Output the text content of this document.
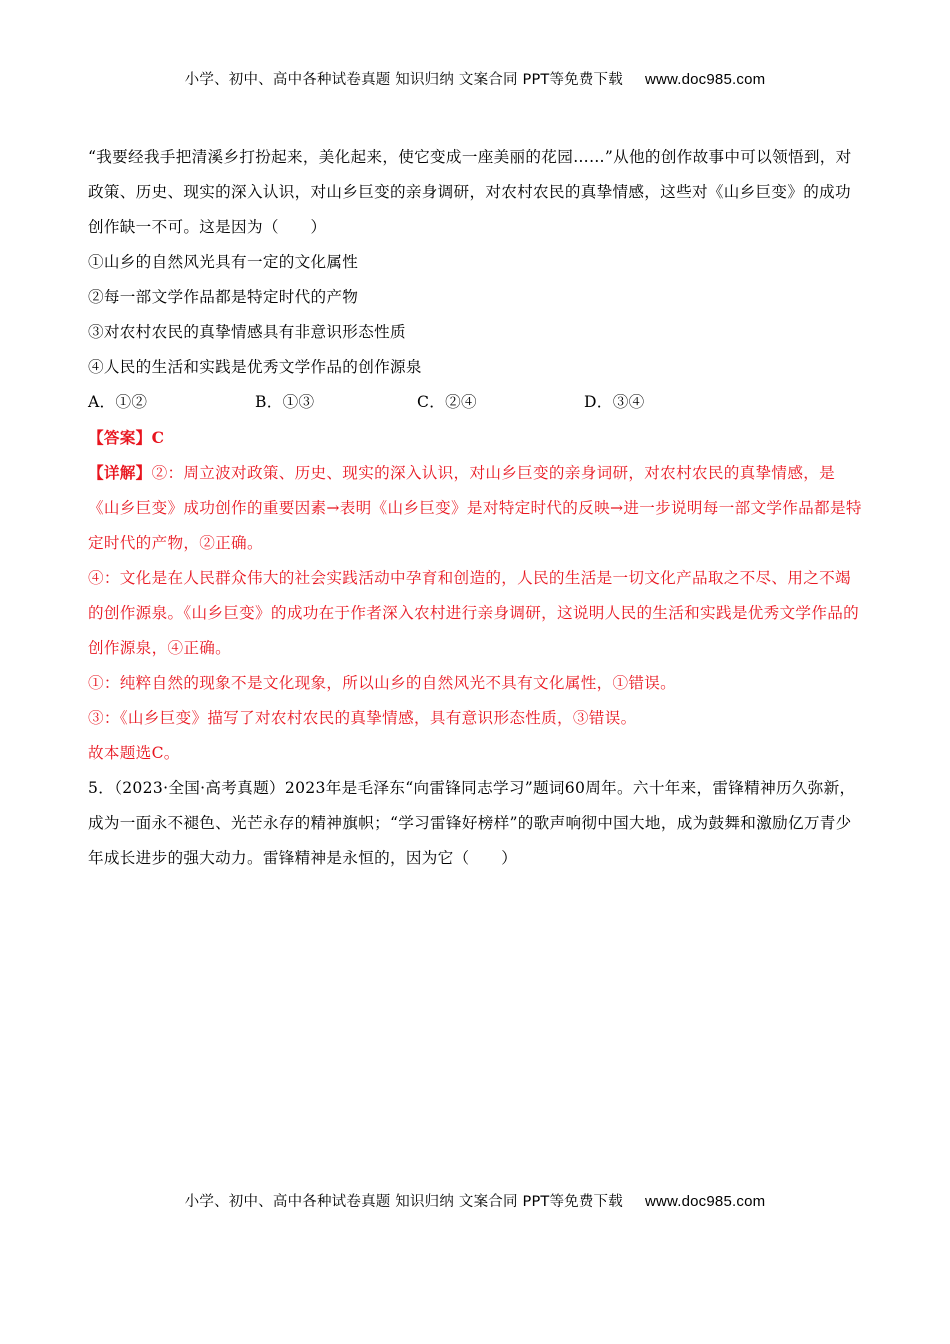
小学、初中、高中各种试卷真题 知识归纳 文案合同 PPT等免费下载 www.doc985.com

“我要经我手把清溪乡打扮起来，美化起来，使它变成一座美丽的花园……”从他的创作故事中可以领悟到，对政策、历史、现实的深入认识，对山乡巨变的亲身调研，对农村农民的真挚情感，这些对《山乡巨变》的成功创作缺一不可。这是因为（　　）

①山乡的自然风光具有一定的文化属性

②每一部文学作品都是特定时代的产物

③对农村农民的真挚情感具有非意识形态性质

④人民的生活和实践是优秀文学作品的创作源泉

A．①②	B．①③	C．②④	D．③④

【答案】C

【详解】②：周立波对政策、历史、现实的深入认识，对山乡巨变的亲身词研，对农村农民的真挚情感，是《山乡巨变》成功创作的重要因素→表明《山乡巨变》是对特定时代的反映→进一步说明每一部文学作品都是特定时代的产物，②正确。

④：文化是在人民群众伟大的社会实践活动中孕育和创造的，人民的生活是一切文化产品取之不尽、用之不竭的创作源泉。《山乡巨变》的成功在于作者深入农村进行亲身调研，这说明人民的生活和实践是优秀文学作品的创作源泉，④正确。

①：纯粹自然的现象不是文化现象，所以山乡的自然风光不具有文化属性，①错误。

③：《山乡巨变》描写了对农村农民的真挚情感，具有意识形态性质，③错误。

故本题选C。

5．（2023·全国·高考真题）2023年是毛泽东“向雷锋同志学习”题词60周年。六十年来，雷锋精神历久弥新，成为一面永不褪色、光芒永存的精神旗帜；“学习雷锋好榜样”的歌声响彻中国大地，成为鼓舞和激励亿万青少年成长进步的强大动力。雷锋精神是永恒的，因为它（　　）

小学、初中、高中各种试卷真题 知识归纳 文案合同 PPT等免费下载 www.doc985.com
